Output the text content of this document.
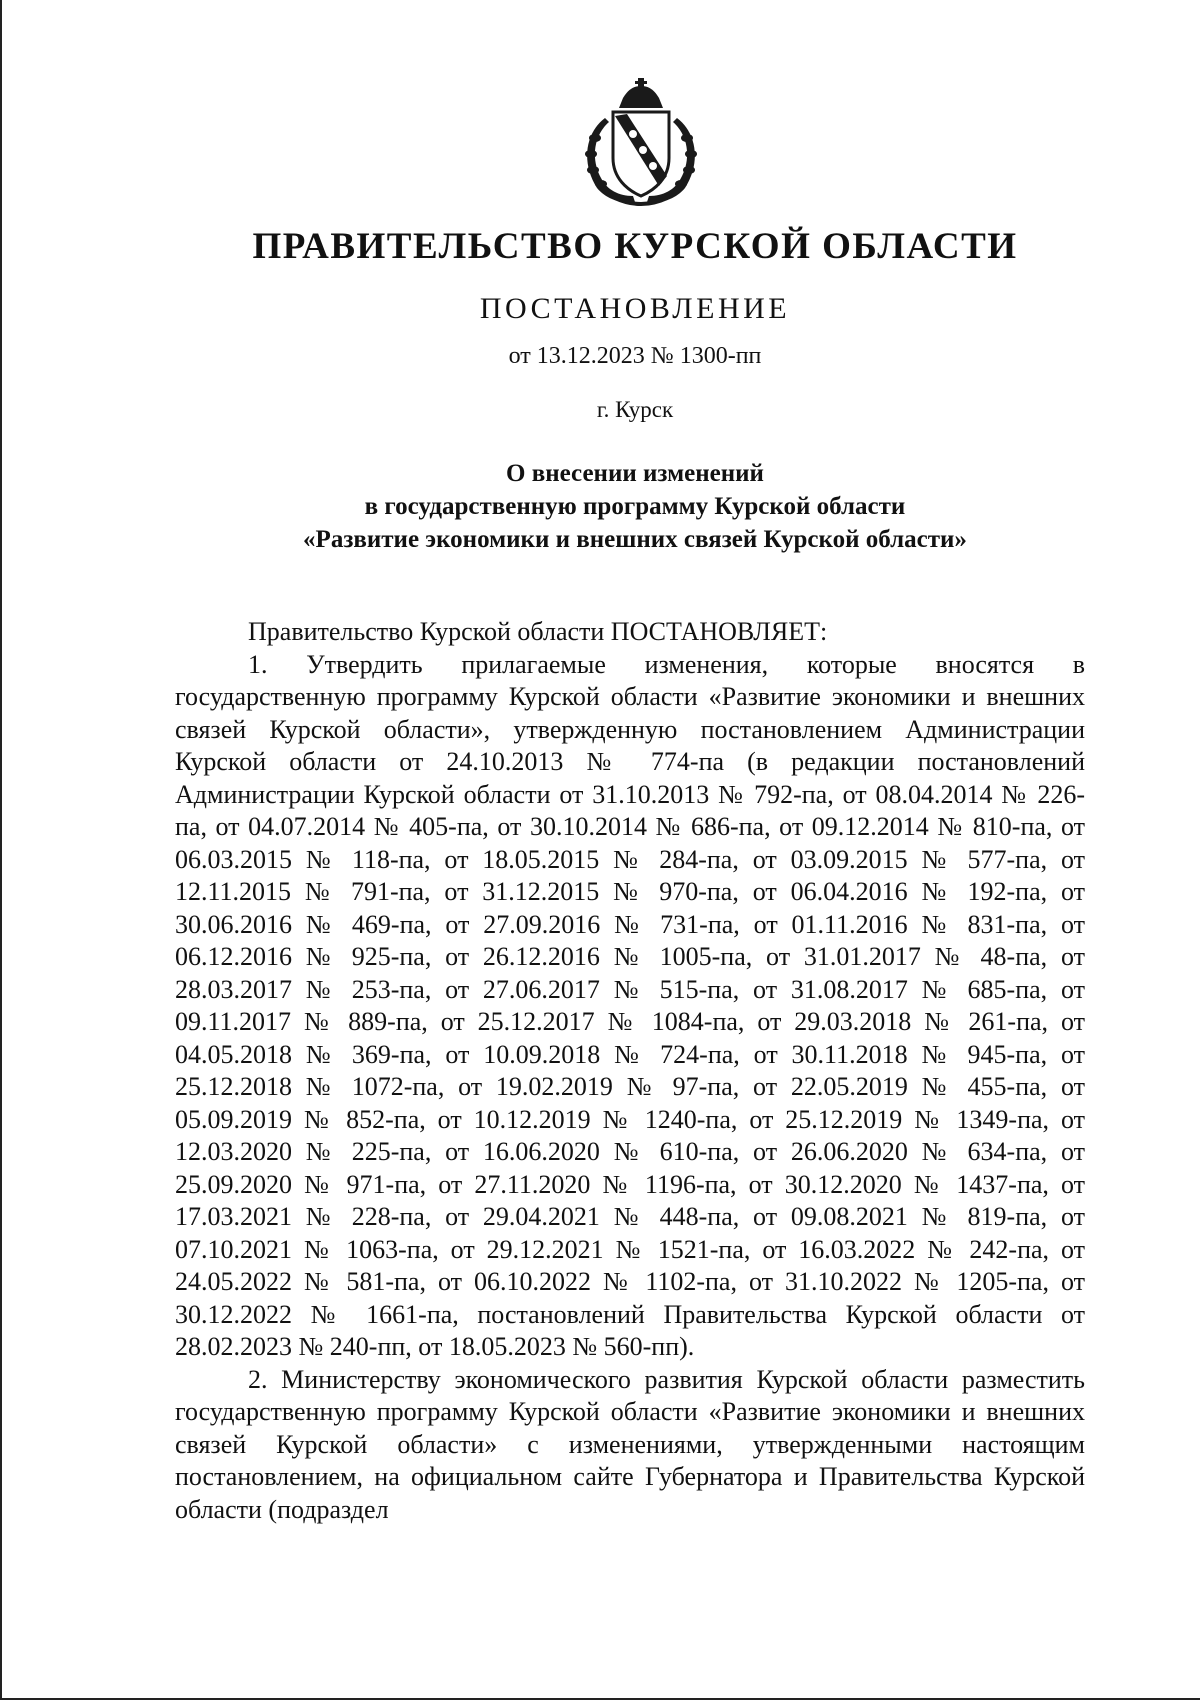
ПРАВИТЕЛЬСТВО КУРСКОЙ ОБЛАСТИ
ПОСТАНОВЛЕНИЕ
от 13.12.2023 № 1300-пп
г. Курск
О внесении изменений
в государственную программу Курской области
«Развитие экономики и внешних связей Курской области»
Правительство Курской области ПОСТАНОВЛЯЕТ:

1. Утвердить прилагаемые изменения, которые вносятся в государственную программу Курской области «Развитие экономики и внешних связей Курской области», утвержденную постановлением Администрации Курской области от 24.10.2013 № 774-па (в редакции постановлений Администрации Курской области от 31.10.2013 № 792-па, от 08.04.2014 № 226-па, от 04.07.2014 № 405-па, от 30.10.2014 № 686-па, от 09.12.2014 № 810-па, от 06.03.2015 № 118-па, от 18.05.2015 № 284-па, от 03.09.2015 № 577-па, от 12.11.2015 № 791-па, от 31.12.2015 № 970-па, от 06.04.2016 № 192-па, от 30.06.2016 № 469-па, от 27.09.2016 № 731-па, от 01.11.2016 № 831-па, от 06.12.2016 № 925-па, от 26.12.2016 № 1005-па, от 31.01.2017 № 48-па, от 28.03.2017 № 253-па, от 27.06.2017 № 515-па, от 31.08.2017 № 685-па, от 09.11.2017 № 889-па, от 25.12.2017 № 1084-па, от 29.03.2018 № 261-па, от 04.05.2018 № 369-па, от 10.09.2018 № 724-па, от 30.11.2018 № 945-па, от 25.12.2018 № 1072-па, от 19.02.2019 № 97-па, от 22.05.2019 № 455-па, от 05.09.2019 № 852-па, от 10.12.2019 № 1240-па, от 25.12.2019 № 1349-па, от 12.03.2020 № 225-па, от 16.06.2020 № 610-па, от 26.06.2020 № 634-па, от 25.09.2020 № 971-па, от 27.11.2020 № 1196-па, от 30.12.2020 № 1437-па, от 17.03.2021 № 228-па, от 29.04.2021 № 448-па, от 09.08.2021 № 819-па, от 07.10.2021 № 1063-па, от 29.12.2021 № 1521-па, от 16.03.2022 № 242-па, от 24.05.2022 № 581-па, от 06.10.2022 № 1102-па, от 31.10.2022 № 1205-па, от 30.12.2022 № 1661-па, постановлений Правительства Курской области от 28.02.2023 № 240-пп, от 18.05.2023 № 560-пп).

2. Министерству экономического развития Курской области разместить государственную программу Курской области «Развитие экономики и внешних связей Курской области» с изменениями, утвержденными настоящим постановлением, на официальном сайте Губернатора и Правительства Курской области (подраздел
